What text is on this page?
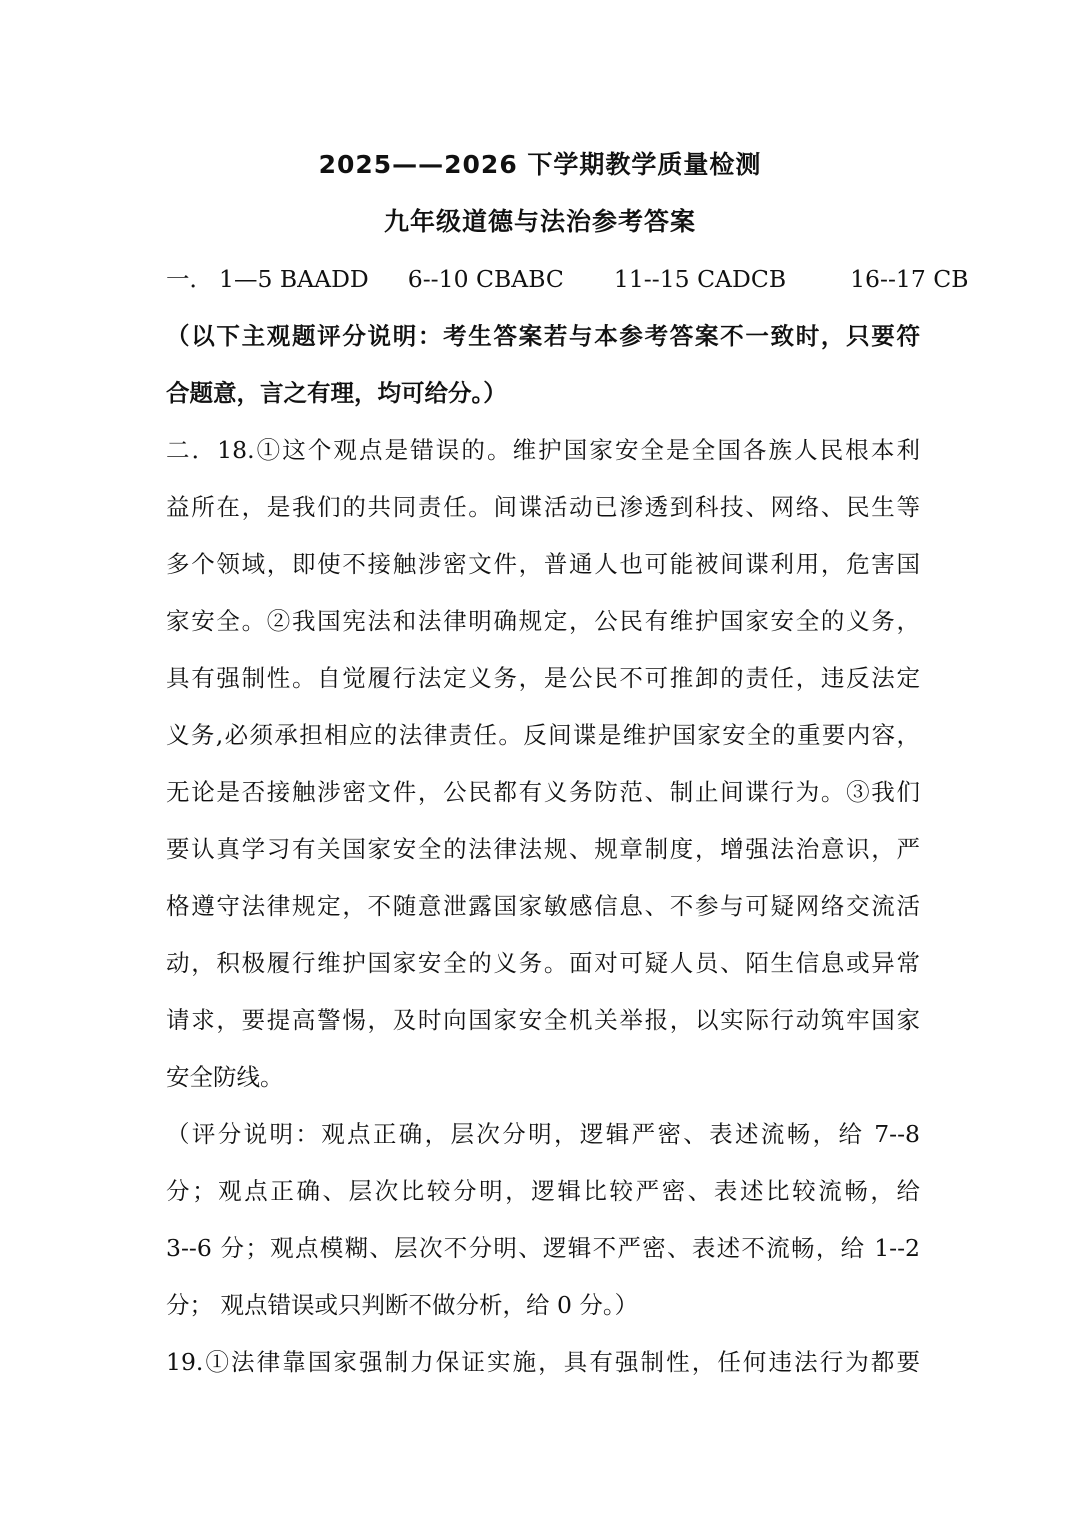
2025——2026 下学期教学质量检测
九年级道德与法治参考答案
一． 1—5 BAADD 6--10 CBABC 11--15 CADCB	16--17 CB
（以下主观题评分说明：考生答案若与本参考答案不一致时，只要符
合题意，言之有理，均可给分。）
二．18.①这个观点是错误的。维护国家安全是全国各族人民根本利
益所在，是我们的共同责任。间谍活动已渗透到科技、网络、民生等
多个领域，即使不接触涉密文件，普通人也可能被间谍利用，危害国
家安全。②我国宪法和法律明确规定，公民有维护国家安全的义务，
具有强制性。自觉履行法定义务，是公民不可推卸的责任，违反法定
义务,必须承担相应的法律责任。反间谍是维护国家安全的重要内容，
无论是否接触涉密文件，公民都有义务防范、制止间谍行为。③我们
要认真学习有关国家安全的法律法规、规章制度，增强法治意识，严
格遵守法律规定，不随意泄露国家敏感信息、不参与可疑网络交流活
动，积极履行维护国家安全的义务。面对可疑人员、陌生信息或异常
请求，要提高警惕，及时向国家安全机关举报，以实际行动筑牢国家
安全防线。
（评分说明：观点正确，层次分明，逻辑严密、表述流畅，给 7--8
分；观点正确、层次比较分明，逻辑比较严密、表述比较流畅，给
3--6 分；观点模糊、层次不分明、逻辑不严密、表述不流畅，给 1--2
分； 观点错误或只判断不做分析，给 0 分。）
19.①法律靠国家强制力保证实施，具有强制性，任何违法行为都要
